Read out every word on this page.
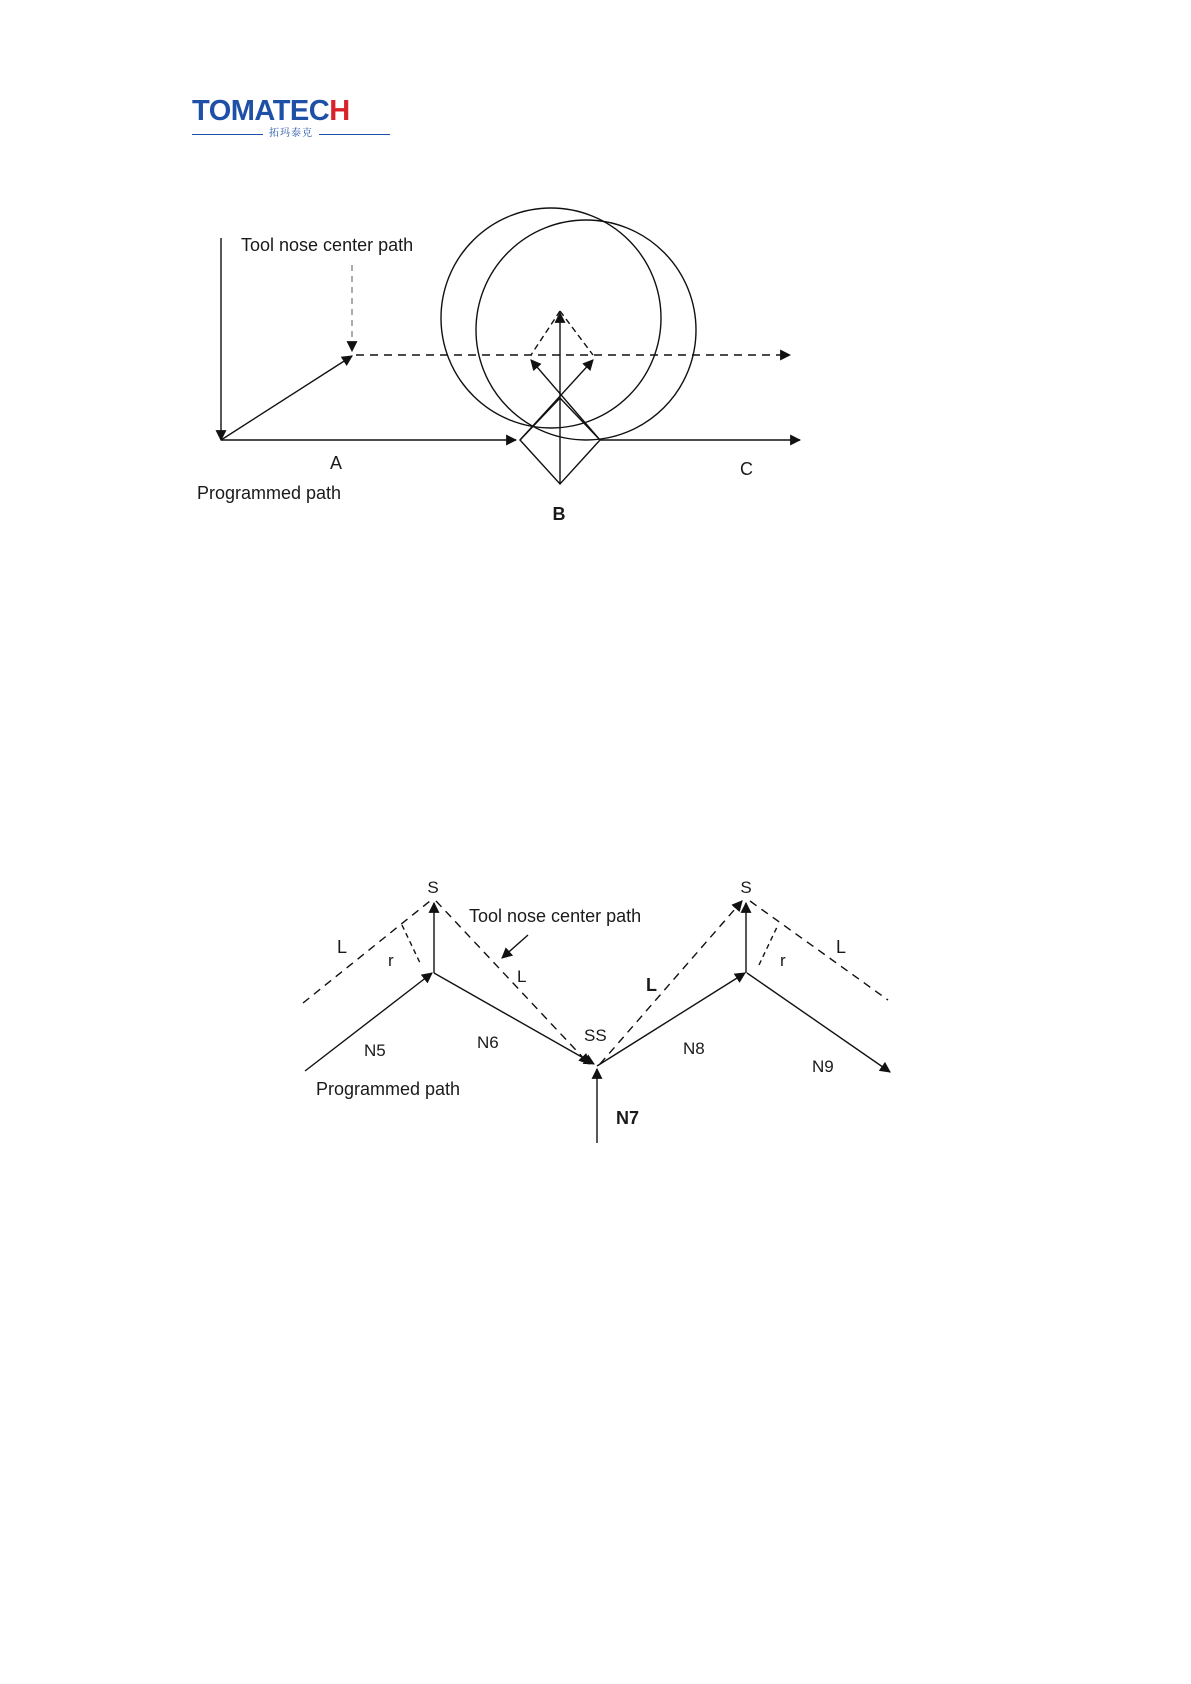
TOMATECH
拓玛泰克
Tool nose center path
A	C
Programmed path
B
S	S
Tool nose center path
L
r
L	L
r
L
SS
N5	N6	N8
N9
N7
Programmed path
